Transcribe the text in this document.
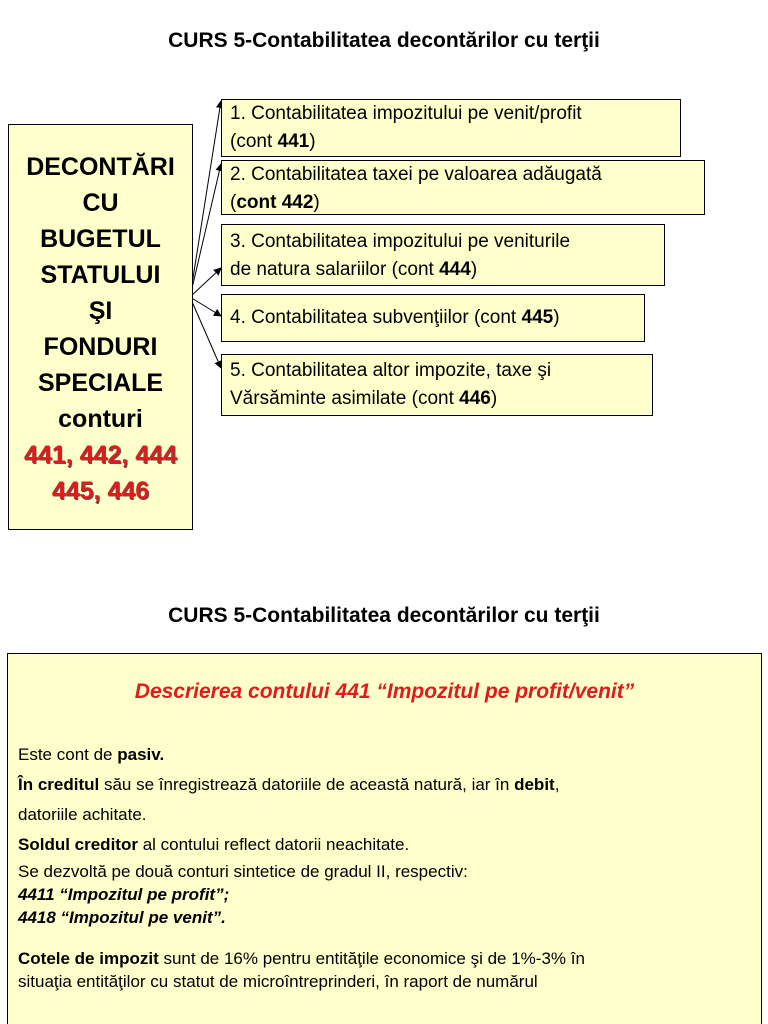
CURS 5-Contabilitatea decontărilor cu terţii
DECONTĂRI
CU
BUGETUL
STATULUI
ŞI
FONDURI
SPECIALE
conturi
441, 442, 444
445, 446
1. Contabilitatea impozitului pe venit/profit
(cont 441)
2. Contabilitatea taxei pe valoarea adăugată
(cont 442)
3. Contabilitatea impozitului pe veniturile
de natura salariilor (cont 444)
4. Contabilitatea subvenţiilor (cont 445)
5. Contabilitatea altor impozite, taxe şi
Vărsăminte asimilate (cont 446)
CURS 5-Contabilitatea decontărilor cu terţii
Descrierea contului 441 “Impozitul pe profit/venit”
Este cont de pasiv.
În creditul său se înregistrează datoriile de această natură, iar în debit,
datoriile achitate.
Soldul creditor al contului reflect datorii neachitate.
Se dezvoltă pe două conturi sintetice de gradul II, respectiv:
4411 “Impozitul pe profit”;
4418 “Impozitul pe venit”.
Cotele de impozit sunt de 16% pentru entităţile economice şi de 1%-3% în
situaţia entităţilor cu statut de microîntreprinderi, în raport de numărul
